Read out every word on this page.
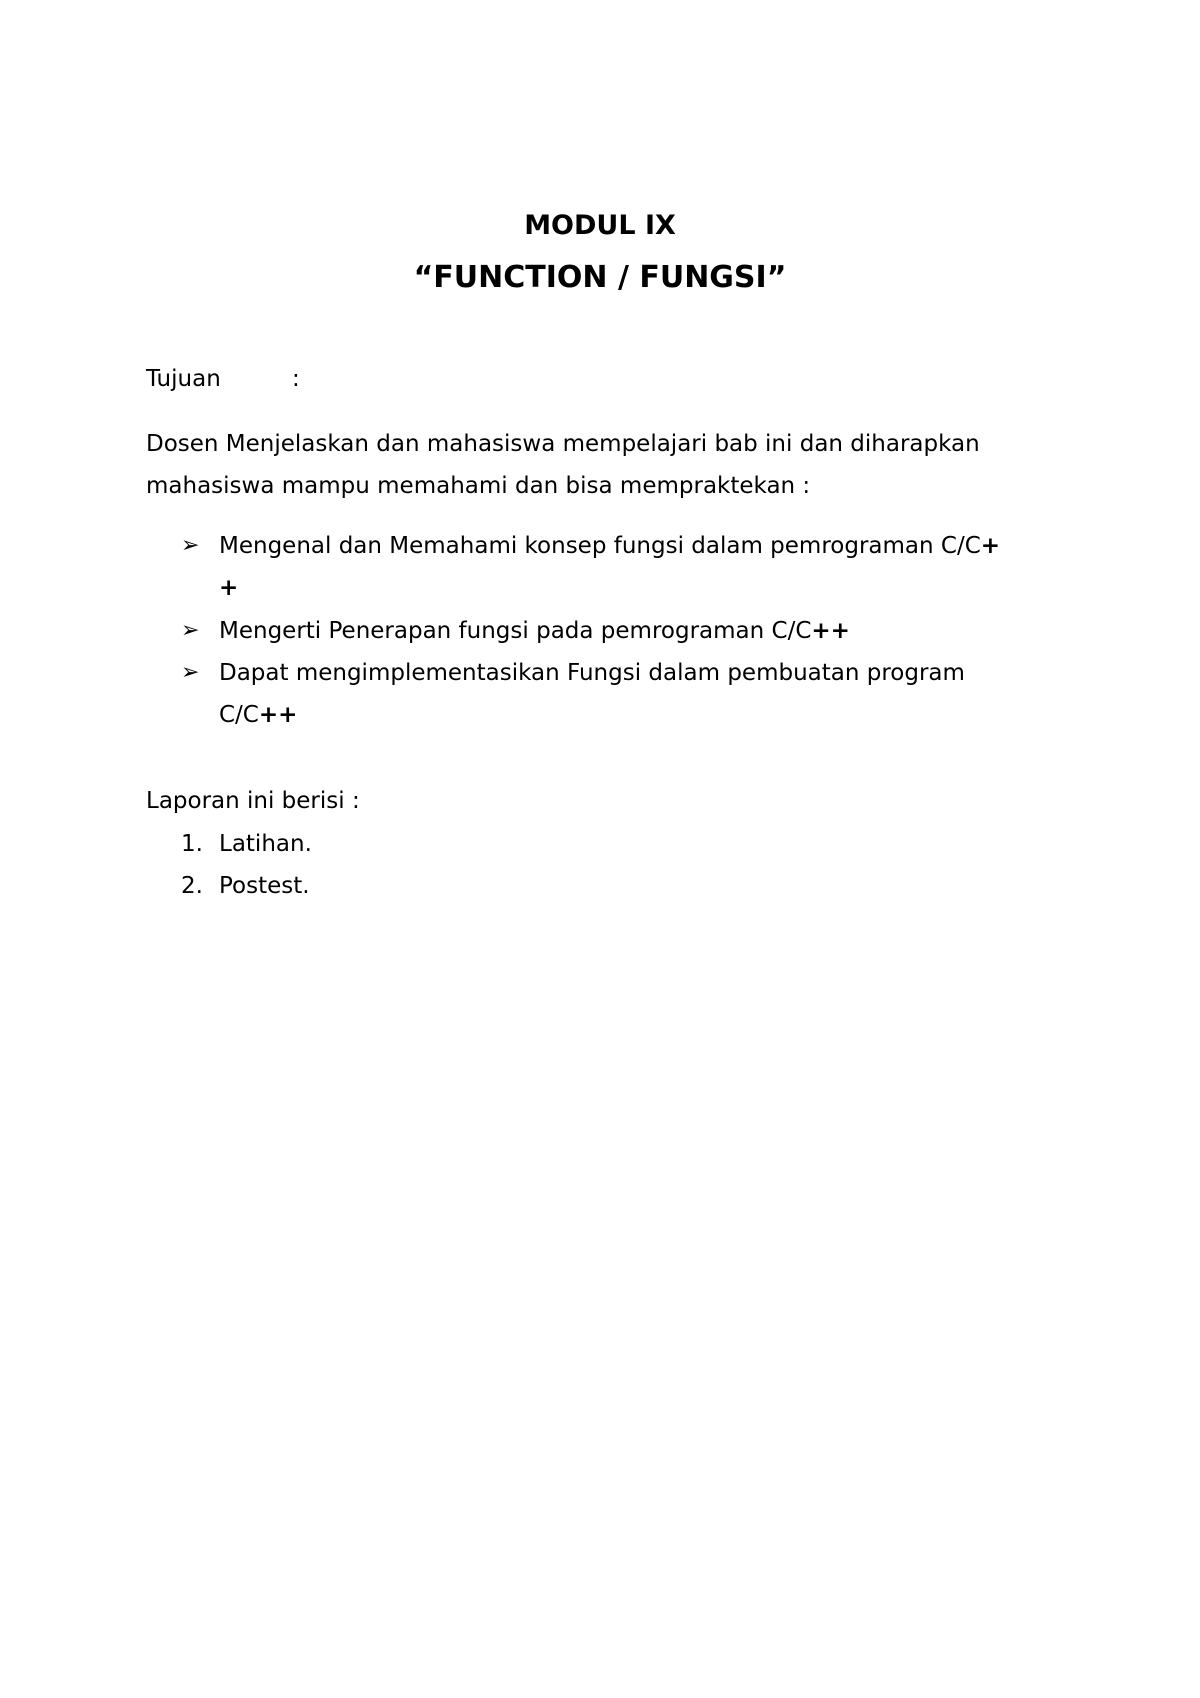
MODUL IX
“FUNCTION / FUNGSI”
Tujuan	:
Dosen Menjelaskan dan mahasiswa mempelajari bab ini dan diharapkan
mahasiswa mampu memahami dan bisa mempraktekan :
➢ Mengenal dan Memahami konsep fungsi dalam pemrograman C/C+
+
➢ Mengerti Penerapan fungsi pada pemrograman C/C++
➢ Dapat mengimplementasikan Fungsi dalam pembuatan program
C/C++
Laporan ini berisi :
1. Latihan.
2. Postest.
